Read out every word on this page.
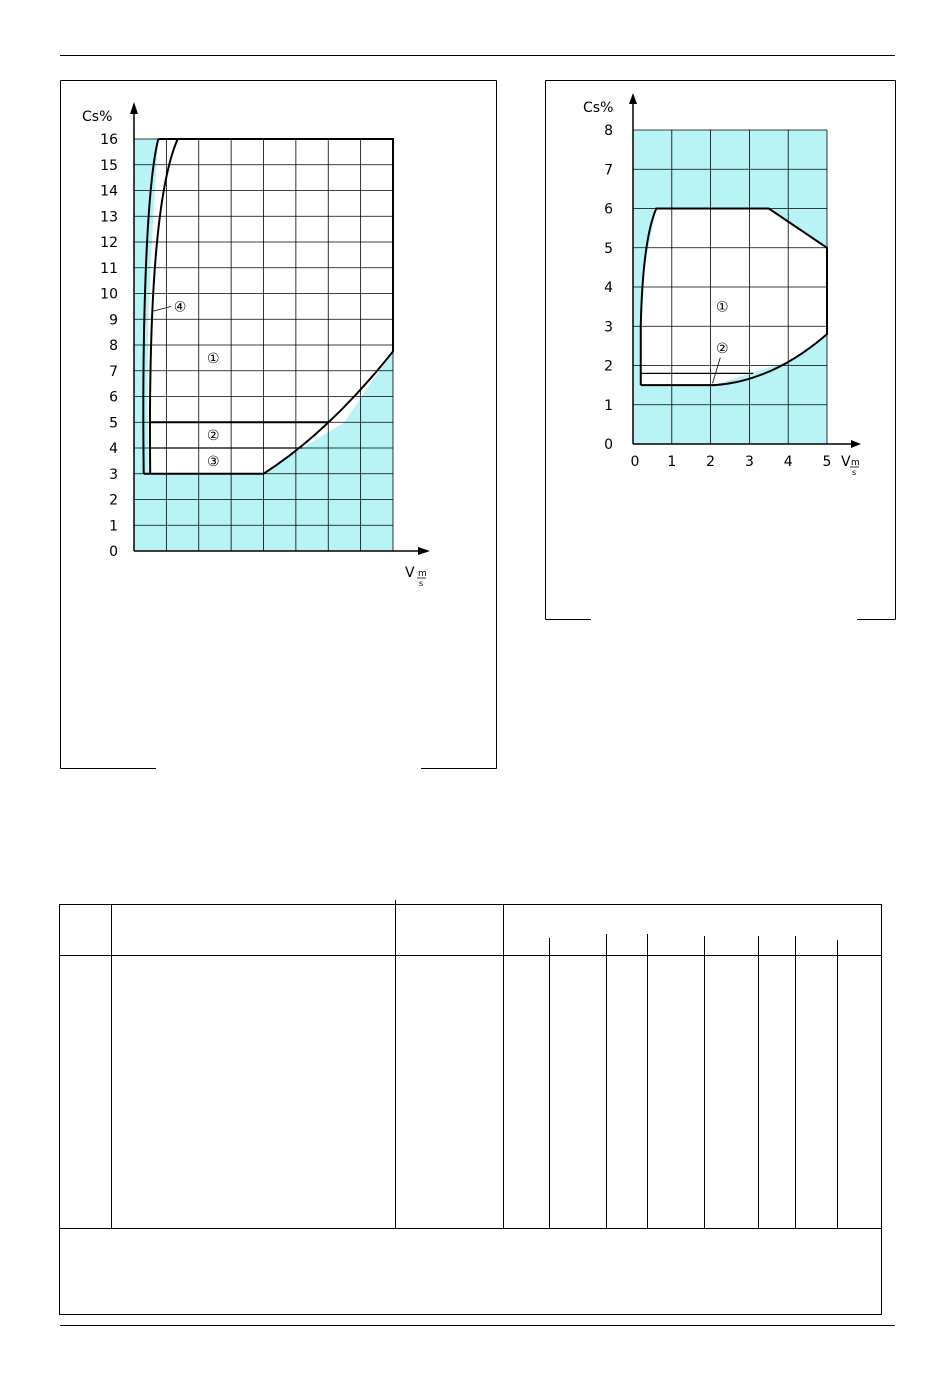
0
1
2
3
4
5
6
7
8
9
10
11
12
13
14
15
16
①
②
③
④
Cs%
V m
s
0
1
2
3
4
5
6
7
8
0 1 2 3 4 5
①
②
Cs%
V m
s
